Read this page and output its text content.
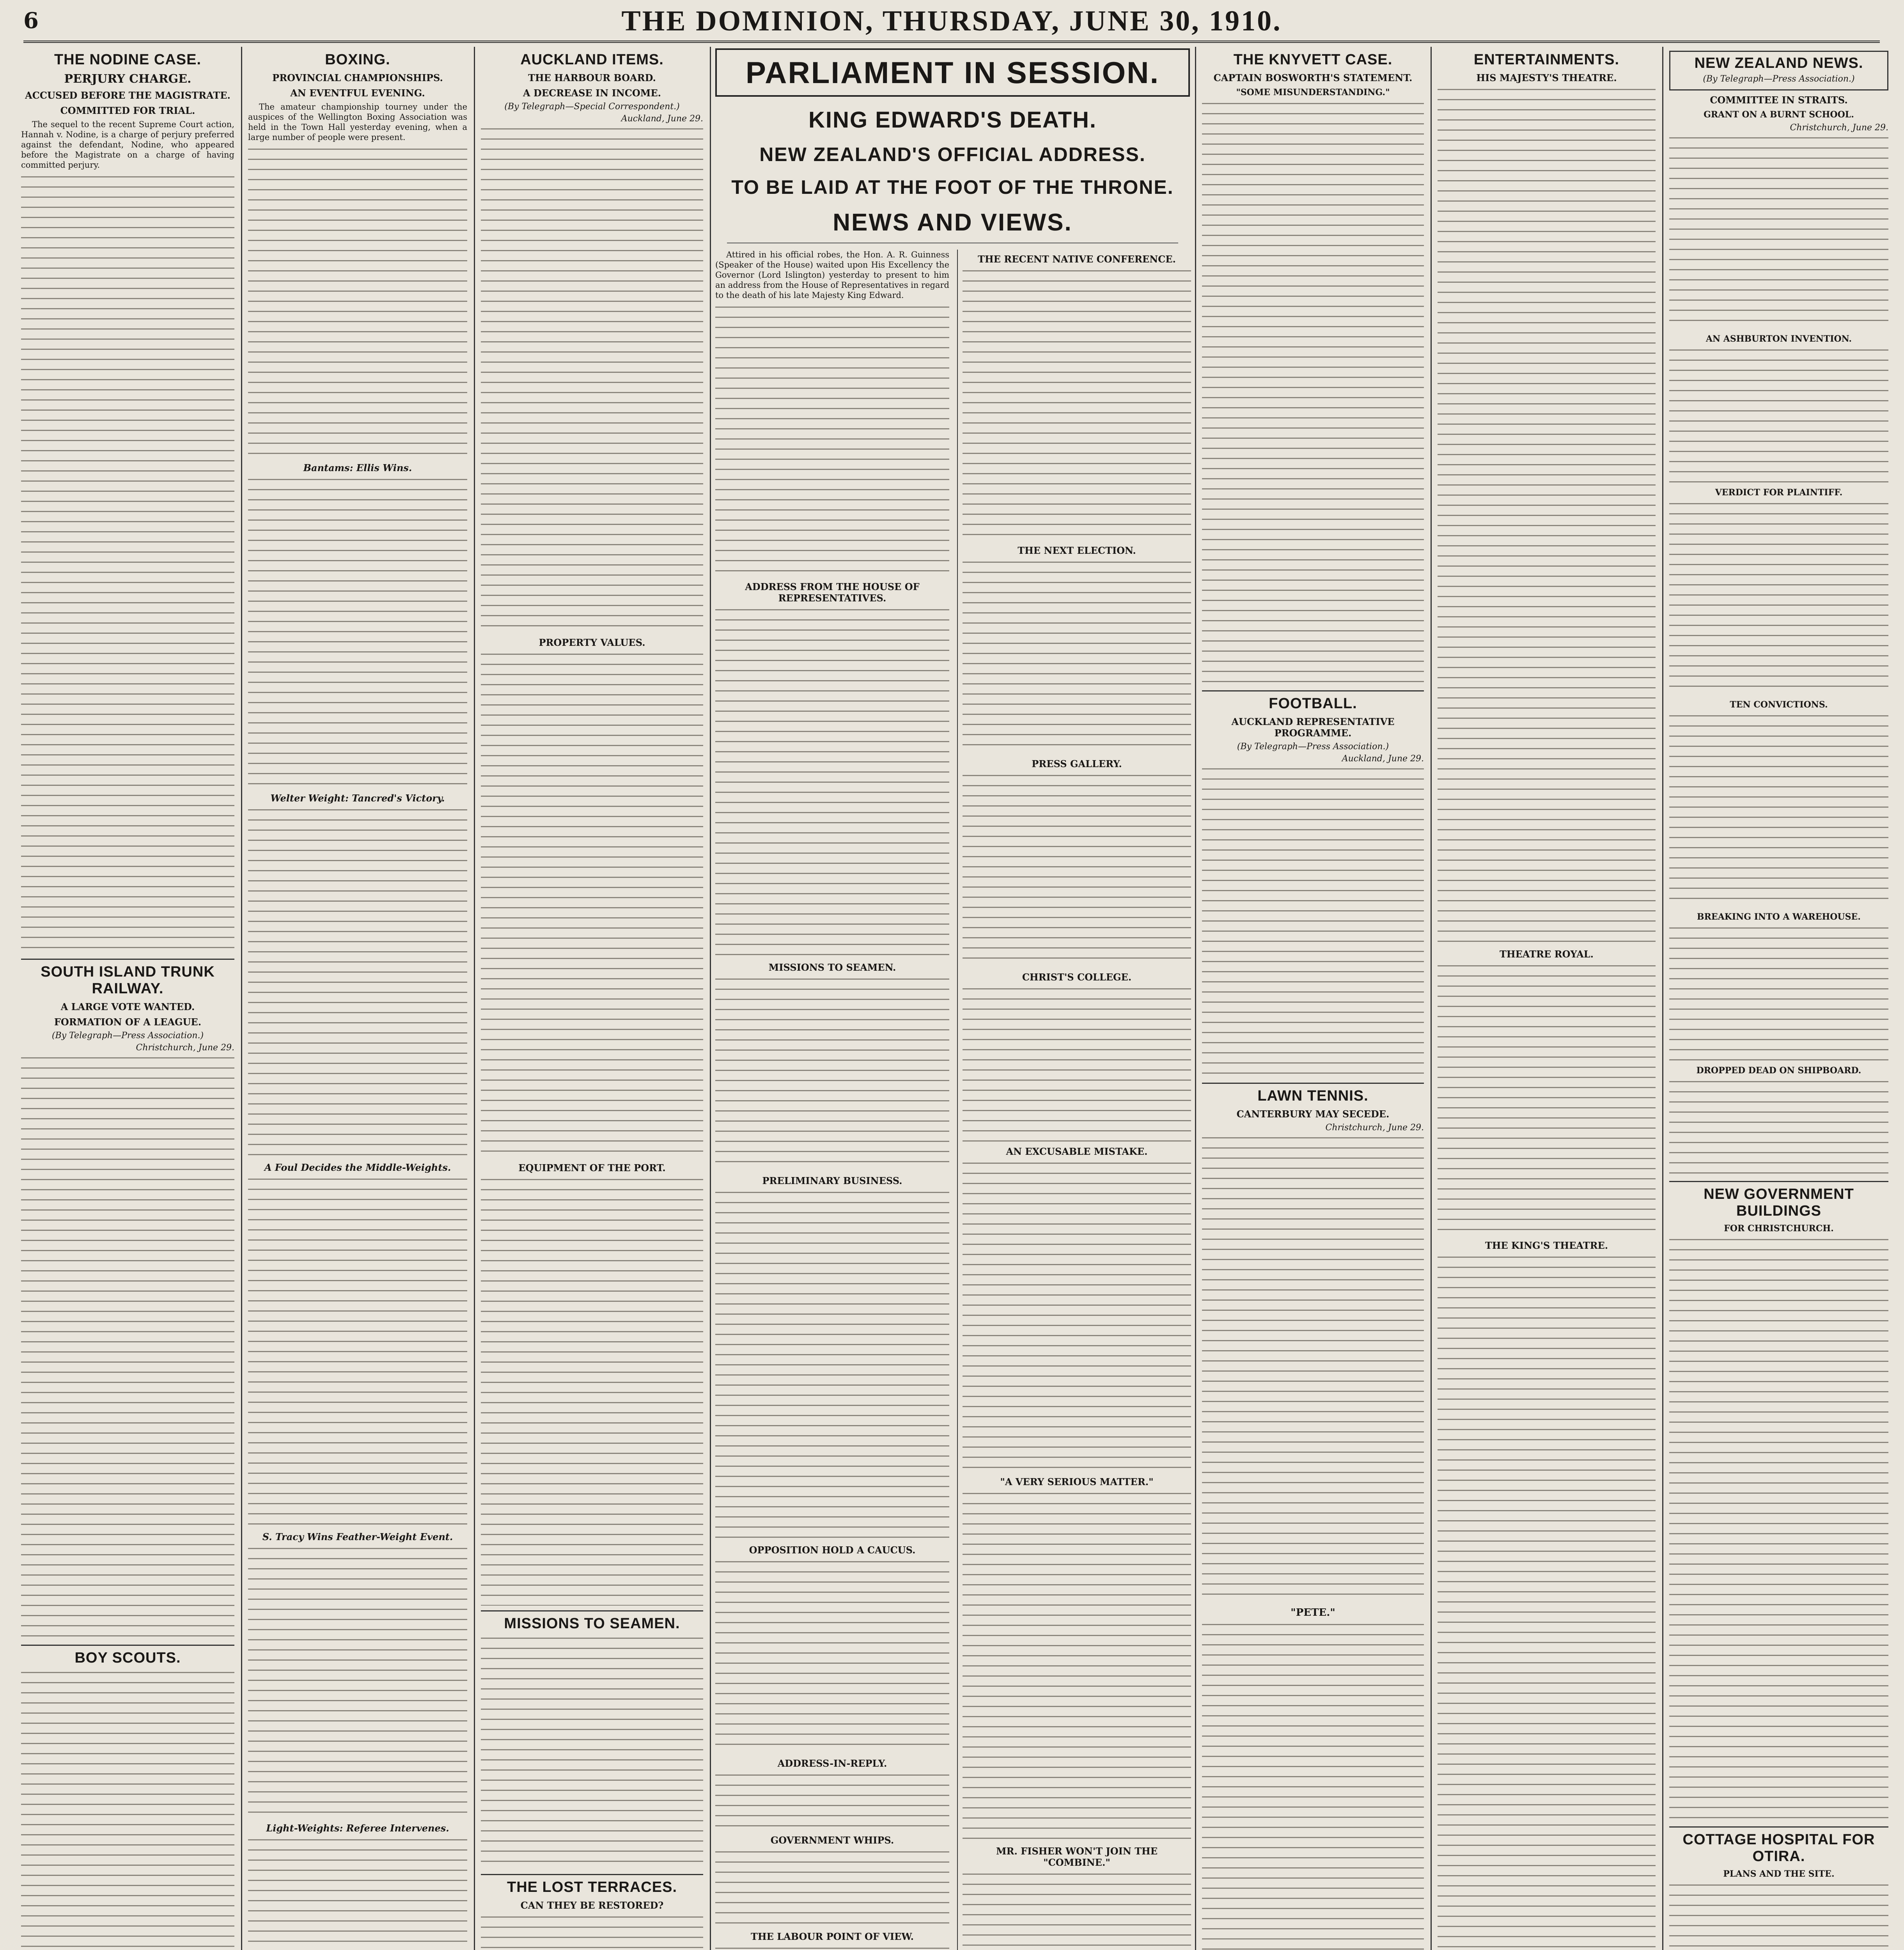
6	THE DOMINION, THURSDAY, JUNE 30, 1910.
THE NODINE CASE.
PERJURY CHARGE.
ACCUSED BEFORE THE MAGISTRATE.
COMMITTED FOR TRIAL.

The sequel to the recent Supreme Court action, Hannah v. Nodine, is a charge of perjury preferred against the defendant, Nodine, who appeared before the Magistrate on a charge of having committed perjury.

SOUTH ISLAND TRUNK RAILWAY.
A LARGE VOTE WANTED.
FORMATION OF A LEAGUE.
(By Telegraph—Press Association.)
Christchurch, June 29.
BOY SCOUTS.
BOXING.
PROVINCIAL CHAMPIONSHIPS.
AN EVENTFUL EVENING.

The amateur championship tourney under the auspices of the Wellington Boxing Association was held in the Town Hall yesterday evening, when a large number of people were present.

Bantams: Ellis Wins.
Welter Weight: Tancred's Victory.
A Foul Decides the Middle-Weights.
S. Tracy Wins Feather-Weight Event.
Light-Weights: Referee Intervenes.
AUCKLAND ITEMS.
THE HARBOUR BOARD.
A DECREASE IN INCOME.
(By Telegraph—Special Correspondent.)
Auckland, June 29.
PROPERTY VALUES.
EQUIPMENT OF THE PORT.
MISSIONS TO SEAMEN.
THE LOST TERRACES.
CAN THEY BE RESTORED?
PARLIAMENT IN SESSION.
KING EDWARD'S DEATH.
NEW ZEALAND'S OFFICIAL ADDRESS.
TO BE LAID AT THE FOOT OF THE THRONE.
NEWS AND VIEWS.

Attired in his official robes, the Hon. A. R. Guinness (Speaker of the House) waited upon His Excellency the Governor (Lord Islington) yesterday to present to him an address from the House of Representatives in regard to the death of his late Majesty King Edward.

ADDRESS FROM THE HOUSE OF REPRESENTATIVES.
MISSIONS TO SEAMEN.
PRELIMINARY BUSINESS.
OPPOSITION HOLD A CAUCUS.
ADDRESS-IN-REPLY.
GOVERNMENT WHIPS.
THE LABOUR POINT OF VIEW.
THE RECENT NATIVE CONFERENCE.
THE NEXT ELECTION.
PRESS GALLERY.
CHRIST'S COLLEGE.
AN EXCUSABLE MISTAKE.
"A VERY SERIOUS MATTER."
MR. FISHER WON'T JOIN THE "COMBINE."
THE KNYVETT CASE.
CAPTAIN BOSWORTH'S STATEMENT.
"SOME MISUNDERSTANDING."
FOOTBALL.
AUCKLAND REPRESENTATIVE PROGRAMME.
(By Telegraph—Press Association.)
Auckland, June 29.
LAWN TENNIS.
CANTERBURY MAY SECEDE.
Christchurch, June 29.
"PETE."
ENTERTAINMENTS.
HIS MAJESTY'S THEATRE.
THEATRE ROYAL.
THE KING'S THEATRE.
NEW ZEALAND NEWS.
(By Telegraph—Press Association.)
COMMITTEE IN STRAITS.
GRANT ON A BURNT SCHOOL.
Christchurch, June 29.
AN ASHBURTON INVENTION.
VERDICT FOR PLAINTIFF.
TEN CONVICTIONS.
BREAKING INTO A WAREHOUSE.
DROPPED DEAD ON SHIPBOARD.
NEW GOVERNMENT BUILDINGS
FOR CHRISTCHURCH.
COTTAGE HOSPITAL FOR OTIRA.
PLANS AND THE SITE.
